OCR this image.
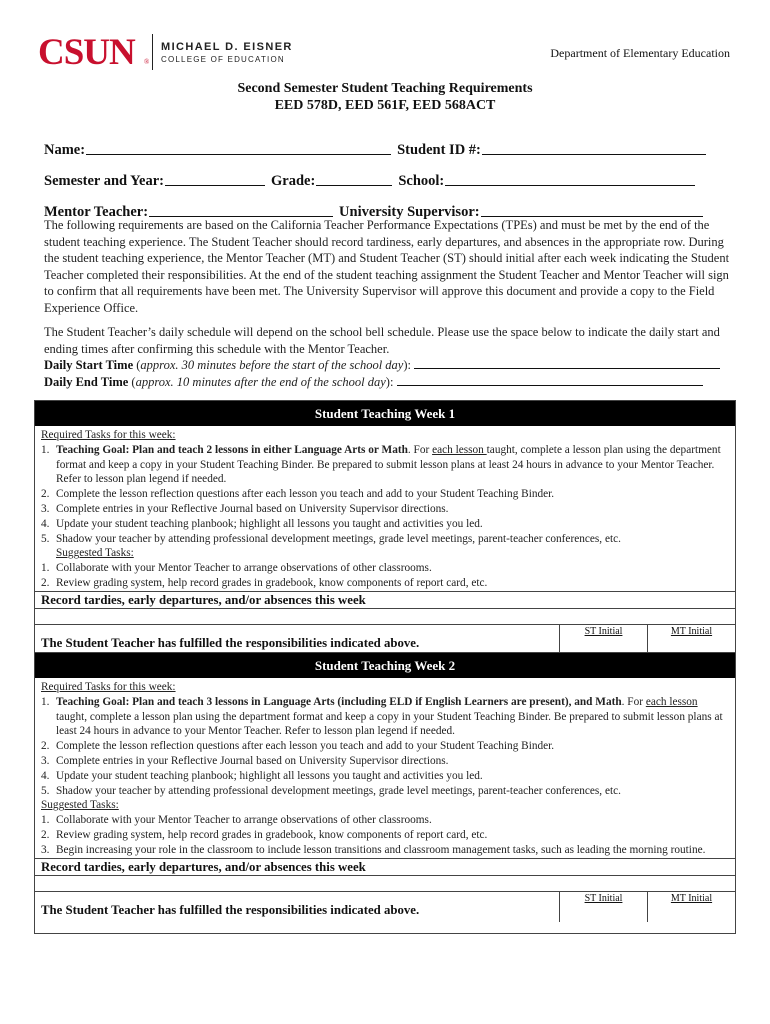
CSUN ®
MICHAEL D. EISNER
COLLEGE OF EDUCATION	Department of Elementary Education
Second Semester Student Teaching Requirements
EED 578D, EED 561F, EED 568ACT
Name:	Student ID #:
Semester and Year:	Grade:	School:
Mentor Teacher:	University Supervisor:
The following requirements are based on the California Teacher Performance Expectations (TPEs) and must be met by the end of the student teaching experience. The Student Teacher should record tardiness, early departures, and absences in the appropriate row. During the student teaching experience, the Mentor Teacher (MT) and Student Teacher (ST) should initial after each week indicating the Student Teacher completed their responsibilities. At the end of the student teaching assignment the Student Teacher and Mentor Teacher will sign to confirm that all requirements have been met. The University Supervisor will approve this document and provide a copy to the Field Experience Office.
The Student Teacher’s daily schedule will depend on the school bell schedule. Please use the space below to indicate the daily start and ending times after confirming this schedule with the Mentor Teacher.
Daily Start Time (approx. 30 minutes before the start of the school day):
Daily End Time (approx. 10 minutes after the end of the school day):
Student Teaching Week 1
Required Tasks for this week:
1. Teaching Goal: Plan and teach 2 lessons in either Language Arts or Math. For each lesson taught, complete a lesson plan using the department format and keep a copy in your Student Teaching Binder. Be prepared to submit lesson plans at least 24 hours in advance to your Mentor Teacher. Refer to lesson plan legend if needed.
2. Complete the lesson reflection questions after each lesson you teach and add to your Student Teaching Binder.
3. Complete entries in your Reflective Journal based on University Supervisor directions.
4. Update your student teaching planbook; highlight all lessons you taught and activities you led.
5. Shadow your teacher by attending professional development meetings, grade level meetings, parent-teacher conferences, etc.
Suggested Tasks:
1. Collaborate with your Mentor Teacher to arrange observations of other classrooms.
2. Review grading system, help record grades in gradebook, know components of report card, etc.
Record tardies, early departures, and/or absences this week
The Student Teacher has fulfilled the responsibilities indicated above.
ST Initial	MT Initial
Student Teaching Week 2
Required Tasks for this week:
1. Teaching Goal: Plan and teach 3 lessons in Language Arts (including ELD if English Learners are present), and Math. For each lesson taught, complete a lesson plan using the department format and keep a copy in your Student Teaching Binder. Be prepared to submit lesson plans at least 24 hours in advance to your Mentor Teacher. Refer to lesson plan legend if needed.
2. Complete the lesson reflection questions after each lesson you teach and add to your Student Teaching Binder.
3. Complete entries in your Reflective Journal based on University Supervisor directions.
4. Update your student teaching planbook; highlight all lessons you taught and activities you led.
5. Shadow your teacher by attending professional development meetings, grade level meetings, parent-teacher conferences, etc.
Suggested Tasks:
1. Collaborate with your Mentor Teacher to arrange observations of other classrooms.
2. Review grading system, help record grades in gradebook, know components of report card, etc.
3. Begin increasing your role in the classroom to include lesson transitions and classroom management tasks, such as leading the morning routine.
Record tardies, early departures, and/or absences this week
The Student Teacher has fulfilled the responsibilities indicated above.
ST Initial	MT Initial
